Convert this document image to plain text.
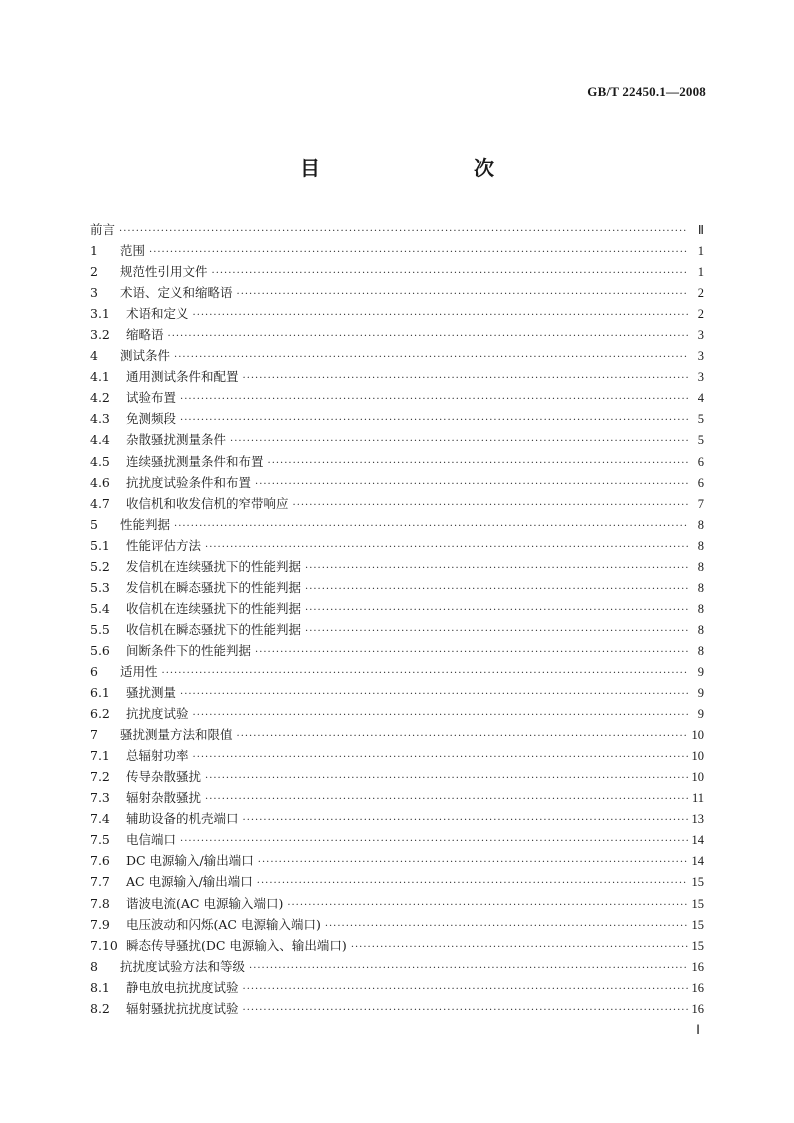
GB/T 22450.1—2008
目　　次
前言 ·····	Ⅱ
1	范围 ·····	1
2	规范性引用文件 ·····	1
3	术语、定义和缩略语 ·····	2
3.1	术语和定义 ·····	2
3.2	缩略语 ·····	3
4	测试条件 ·····	3
4.1	通用测试条件和配置 ·····	3
4.2	试验布置 ·····	4
4.3	免测频段 ·····	5
4.4	杂散骚扰测量条件 ·····	5
4.5	连续骚扰测量条件和布置 ·····	6
4.6	抗扰度试验条件和布置 ·····	6
4.7	收信机和收发信机的窄带响应 ·····	7
5	性能判据 ·····	8
5.1	性能评估方法 ·····	8
5.2	发信机在连续骚扰下的性能判据 ·····	8
5.3	发信机在瞬态骚扰下的性能判据 ·····	8
5.4	收信机在连续骚扰下的性能判据 ·····	8
5.5	收信机在瞬态骚扰下的性能判据 ·····	8
5.6	间断条件下的性能判据 ·····	8
6	适用性 ·····	9
6.1	骚扰测量 ·····	9
6.2	抗扰度试验 ·····	9
7	骚扰测量方法和限值 ·····	10
7.1	总辐射功率 ·····	10
7.2	传导杂散骚扰 ·····	10
7.3	辐射杂散骚扰 ·····	11
7.4	辅助设备的机壳端口 ·····	13
7.5	电信端口 ·····	14
7.6	DC 电源输入/输出端口 ·····	14
7.7	AC 电源输入/输出端口 ·····	15
7.8	谐波电流(AC 电源输入端口) ·····	15
7.9	电压波动和闪烁(AC 电源输入端口) ·····	15
7.10 瞬态传导骚扰(DC 电源输入、输出端口) ·····	15
8	抗扰度试验方法和等级 ·····	16
8.1	静电放电抗扰度试验 ·····	16
8.2	辐射骚扰抗扰度试验 ·····	16
Ⅰ
